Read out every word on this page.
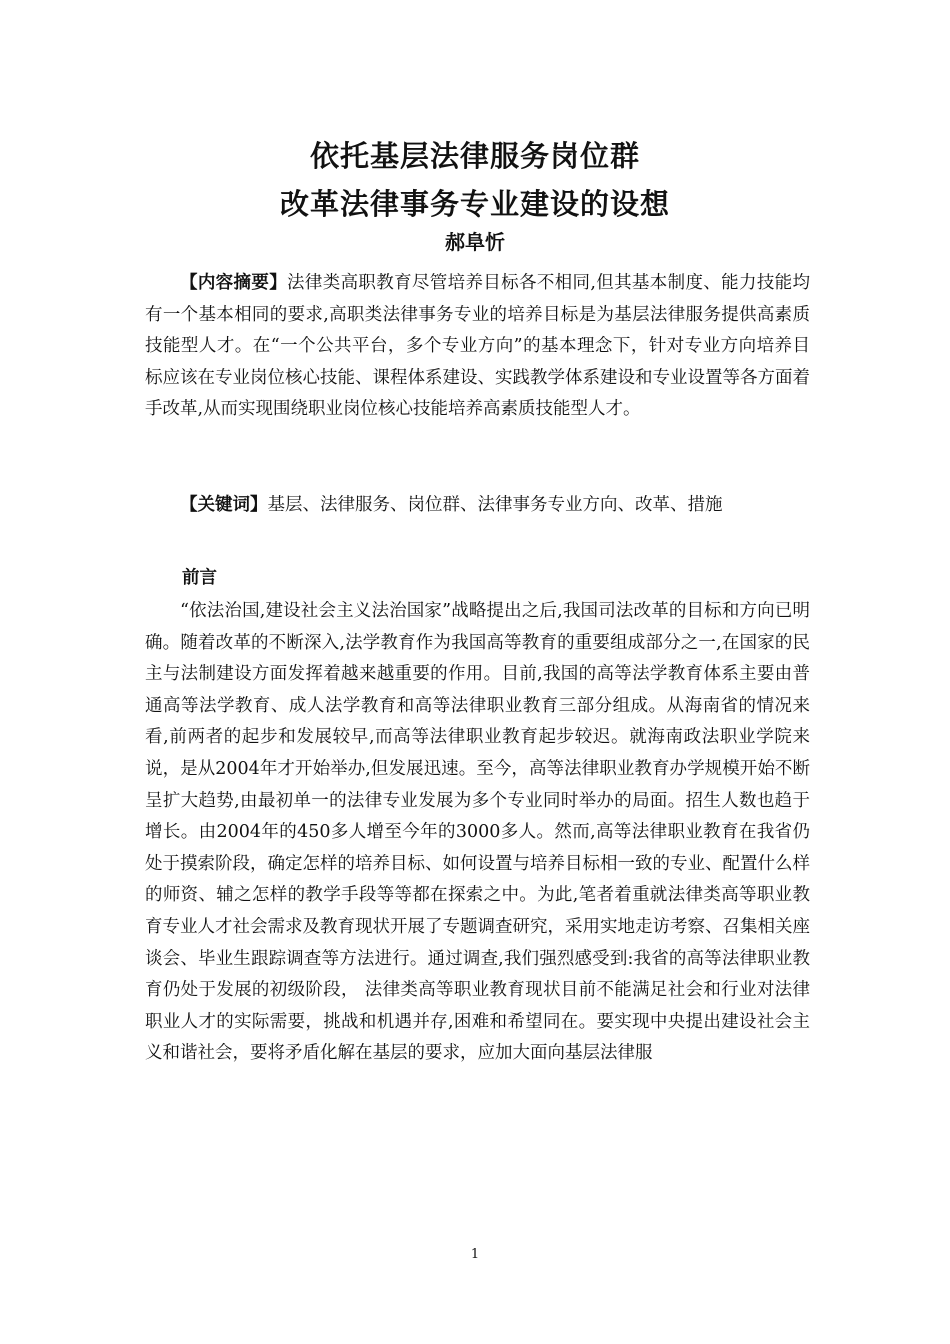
依托基层法律服务岗位群
改革法律事务专业建设的设想
郝阜忻

【内容摘要】法律类高职教育尽管培养目标各不相同,但其基本制度、能力技能均有一个基本相同的要求,高职类法律事务专业的培养目标是为基层法律服务提供高素质技能型人才。在“一个公共平台，多个专业方向”的基本理念下，针对专业方向培养目标应该在专业岗位核心技能、课程体系建设、实践教学体系建设和专业设置等各方面着手改革,从而实现围绕职业岗位核心技能培养高素质技能型人才。

【关键词】基层、法律服务、岗位群、法律事务专业方向、改革、措施

前言

“依法治国,建设社会主义法治国家”战略提出之后,我国司法改革的目标和方向已明确。随着改革的不断深入,法学教育作为我国高等教育的重要组成部分之一,在国家的民主与法制建设方面发挥着越来越重要的作用。目前,我国的高等法学教育体系主要由普通高等法学教育、成人法学教育和高等法律职业教育三部分组成。从海南省的情况来看,前两者的起步和发展较早,而高等法律职业教育起步较迟。就海南政法职业学院来说，是从2004年才开始举办,但发展迅速。至今，高等法律职业教育办学规模开始不断呈扩大趋势,由最初单一的法律专业发展为多个专业同时举办的局面。招生人数也趋于增长。由2004年的450多人增至今年的3000多人。然而,高等法律职业教育在我省仍处于摸索阶段，确定怎样的培养目标、如何设置与培养目标相一致的专业、配置什么样的师资、辅之怎样的教学手段等等都在探索之中。为此,笔者着重就法律类高等职业教育专业人才社会需求及教育现状开展了专题调查研究，采用实地走访考察、召集相关座谈会、毕业生跟踪调查等方法进行。通过调查,我们强烈感受到:我省的高等法律职业教育仍处于发展的初级阶段， 法律类高等职业教育现状目前不能满足社会和行业对法律职业人才的实际需要，挑战和机遇并存,困难和希望同在。要实现中央提出建设社会主义和谐社会，要将矛盾化解在基层的要求，应加大面向基层法律服

1
